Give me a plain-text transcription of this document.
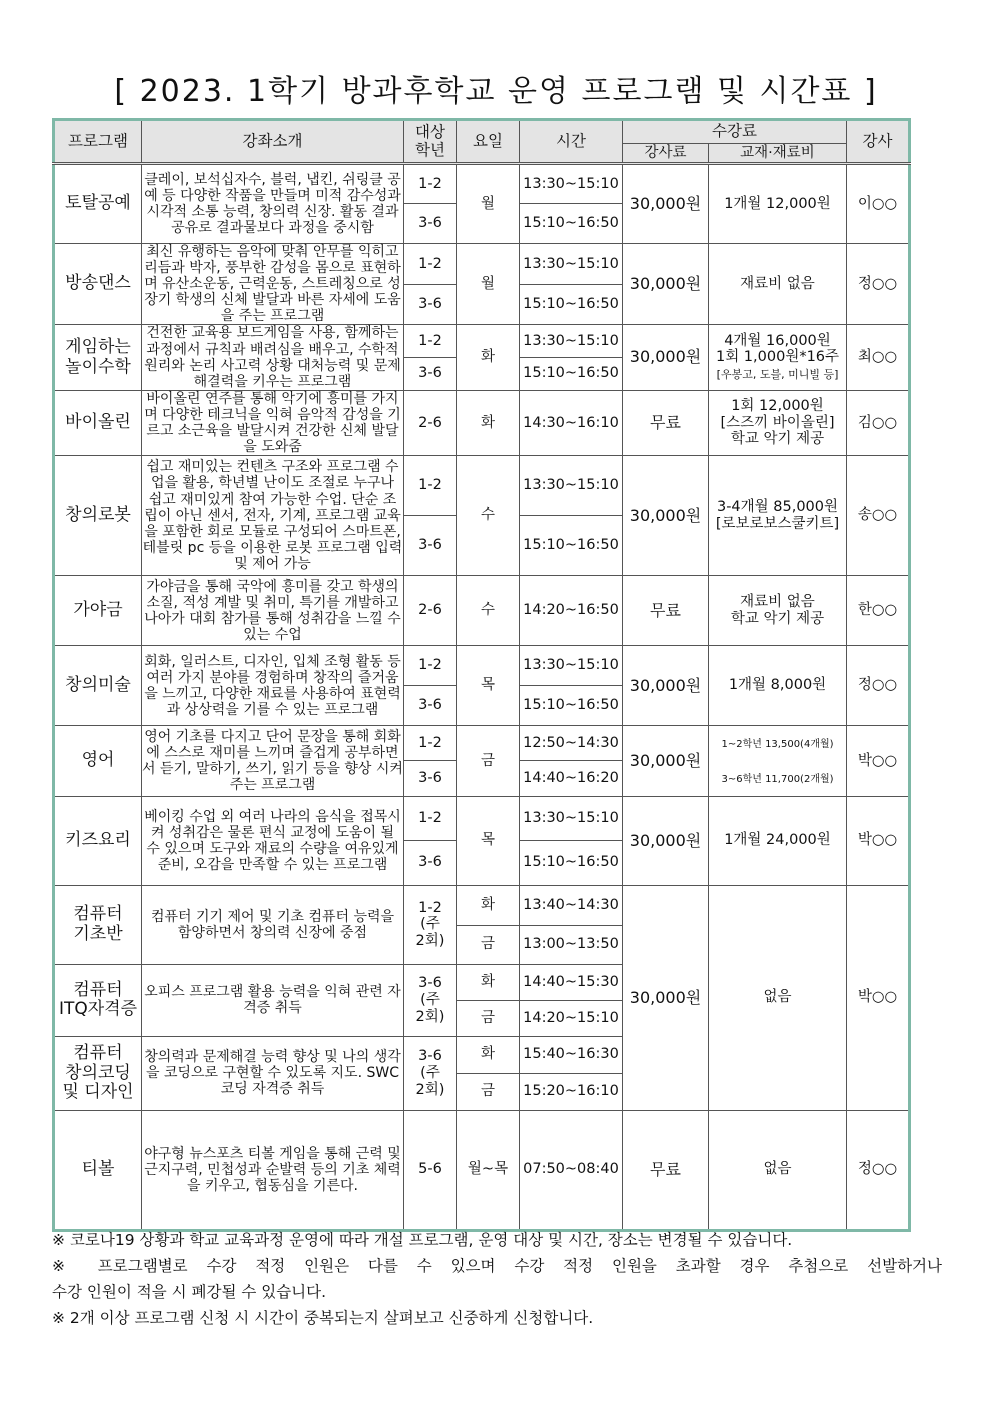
[ 2023. 1학기 방과후학교 운영 프로그램 및 시간표 ]
프로그램	강좌소개	대상
학년	요일	시간	수강료		강사
					강사료	교재·재료비	
토탈공예	클레이, 보석십자수, 블럭, 냅킨, 쉬링클 공예 등 다양한 작품을 만들며 미적 감수성과 시각적 소통 능력, 창의력 신장. 활동 결과 공유로 결과물보다 과정을 중시함	1-2	월	13:30~15:10	30,000원	1개월 12,000원	이○○
		3-6		15:10~16:50			
방송댄스	최신 유행하는 음악에 맞춰 안무를 익히고 리듬과 박자, 풍부한 감성을 몸으로 표현하며 유산소운동, 근력운동, 스트레칭으로 성장기 학생의 신체 발달과 바른 자세에 도움을 주는 프로그램	1-2	월	13:30~15:10	30,000원	재료비 없음	정○○
		3-6		15:10~16:50			
게임하는
놀이수학	건전한 교육용 보드게임을 사용, 함께하는 과정에서 규칙과 배려심을 배우고, 수학적 원리와 논리 사고력 상황 대처능력 및 문제 해결력을 키우는 프로그램	1-2	화	13:30~15:10	30,000원	4개월 16,000원
1회 1,000원*16주
[우봉고, 도블, 미니빌 등]	최○○
		3-6		15:10~16:50			
바이올린	바이올린 연주를 통해 악기에 흥미를 가지며 다양한 테크닉을 익혀 음악적 감성을 기르고 소근육을 발달시켜 건강한 신체 발달을 도와줌	2-6	화	14:30~16:10	무료	1회 12,000원
[스즈끼 바이올린]
학교 악기 제공	김○○
창의로봇	쉽고 재미있는 컨텐츠 구조와 프로그램 수업을 활용, 학년별 난이도 조절로 누구나 쉽고 재미있게 참여 가능한 수업. 단순 조립이 아닌 센서, 전자, 기계, 프로그램 교육을 포함한 회로 모듈로 구성되어 스마트폰, 테블릿 pc 등을 이용한 로봇 프로그램 입력 및 제어 가능	1-2	수	13:30~15:10	30,000원	3-4개월 85,000원
[로보로보스쿨키트]	송○○
		3-6		15:10~16:50			
가야금	가야금을 통해 국악에 흥미를 갖고 학생의 소질, 적성 계발 및 취미, 특기를 개발하고 나아가 대회 참가를 통해 성취감을 느낄 수 있는 수업	2-6	수	14:20~16:50	무료	재료비 없음
학교 악기 제공	한○○
창의미술	회화, 일러스트, 디자인, 입체 조형 활동 등 여러 가지 분야를 경험하며 창작의 즐거움을 느끼고, 다양한 재료를 사용하여 표현력과 상상력을 기를 수 있는 프로그램	1-2	목	13:30~15:10	30,000원	1개월 8,000원	정○○
		3-6		15:10~16:50			
영어	영어 기초를 다지고 단어 문장을 통해 회화에 스스로 재미를 느끼며 즐겁게 공부하면서 듣기, 말하기, 쓰기, 읽기 등을 향상 시켜주는 프로그램	1-2	금	12:50~14:30	30,000원	1~2학년 13,500(4개월)
3~6학년 11,700(2개월)	박○○
		3-6		14:40~16:20			
키즈요리	베이킹 수업 외 여러 나라의 음식을 접목시켜 성취감은 물론 편식 교정에 도움이 될 수 있으며 도구와 재료의 수량을 여유있게 준비, 오감을 만족할 수 있는 프로그램	1-2	목	13:30~15:10	30,000원	1개월 24,000원	박○○
		3-6		15:10~16:50			
컴퓨터
기초반	컴퓨터 기기 제어 및 기초 컴퓨터 능력을 함양하면서 창의력 신장에 중점	1-2
(주
2회)	화	13:40~14:30	30,000원	없음	박○○
			금	13:00~13:50			
컴퓨터
ITQ자격증	오피스 프로그램 활용 능력을 익혀 관련 자격증 취득	3-6
(주
2회)	화	14:40~15:30			
			금	14:20~15:10			
컴퓨터
창의코딩
및 디자인	창의력과 문제해결 능력 향상 및 나의 생각을 코딩으로 구현할 수 있도록 지도. SWC코딩 자격증 취득	3-6
(주
2회)	화	15:40~16:30			
			금	15:20~16:10			
티볼	야구형 뉴스포츠 티볼 게임을 통해 근력 및 근지구력, 민첩성과 순발력 등의 기초 체력을 키우고, 협동심을 기른다.	5-6	월~목	07:50~08:40	무료	없음	정○○

※ 코로나19 상황과 학교 교육과정 운영에 따라 개설 프로그램, 운영 대상 및 시간, 장소는 변경될 수 있습니다.

※ 프로그램별로 수강 적정 인원은 다를 수 있으며 수강 적정 인원을 초과할 경우 추첨으로 선발하거나

수강 인원이 적을 시 폐강될 수 있습니다.

※ 2개 이상 프로그램 신청 시 시간이 중복되는지 살펴보고 신중하게 신청합니다.
